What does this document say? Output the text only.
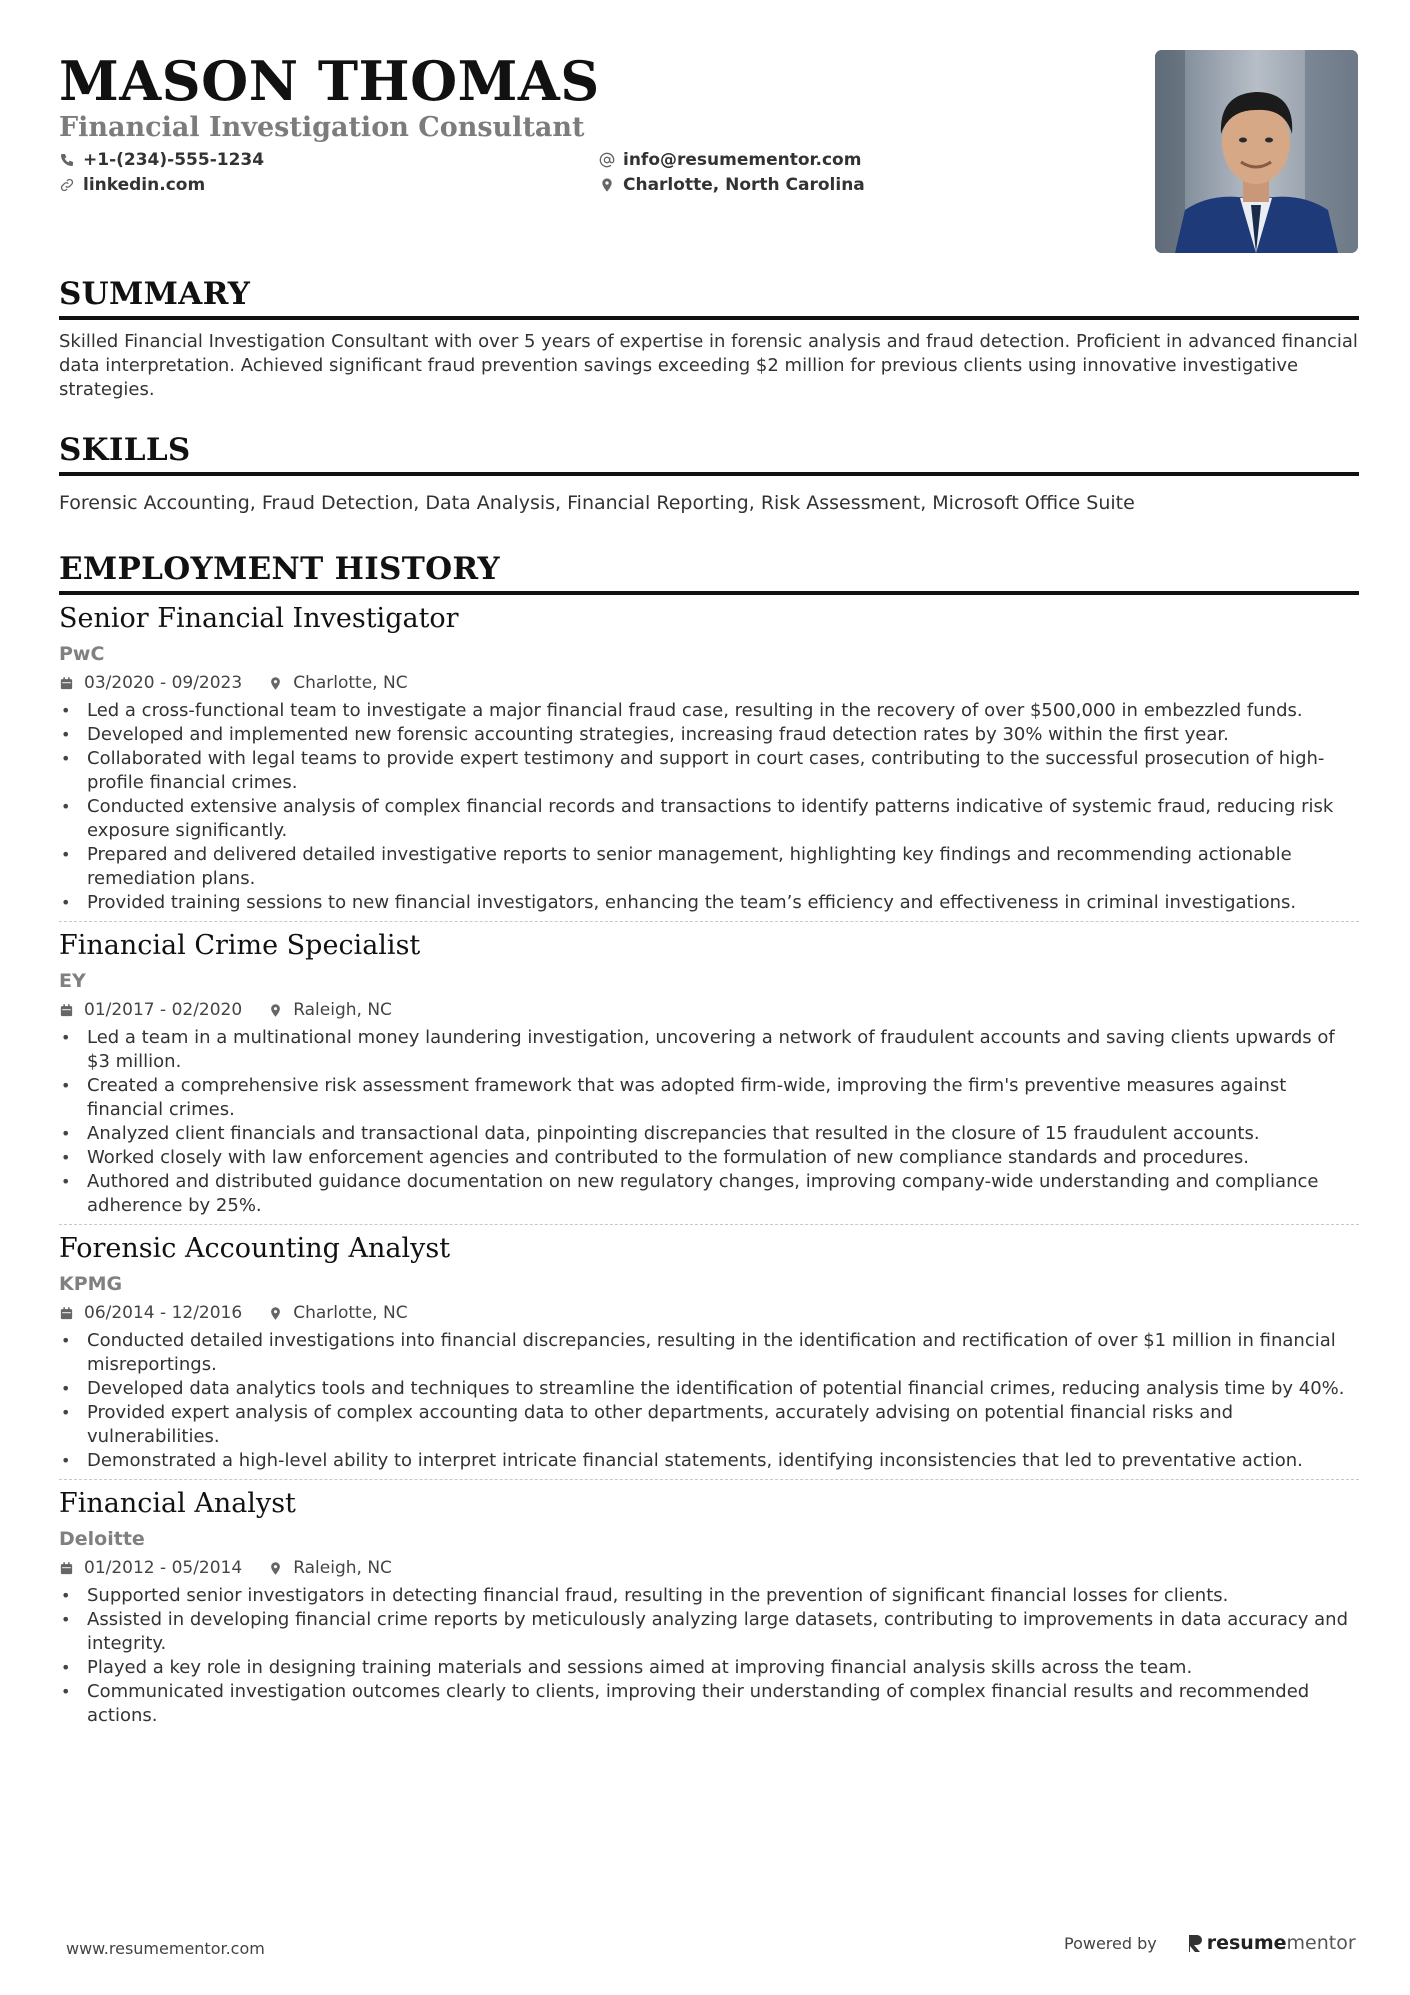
MASON THOMAS
Financial Investigation Consultant
+1-(234)-555-1234
linkedin.com
info@resumementor.com
Charlotte, North Carolina
SUMMARY
Skilled Financial Investigation Consultant with over 5 years of expertise in forensic analysis and fraud detection. Proficient in advanced financial data interpretation. Achieved significant fraud prevention savings exceeding $2 million for previous clients using innovative investigative strategies.
SKILLS
Forensic Accounting, Fraud Detection, Data Analysis, Financial Reporting, Risk Assessment, Microsoft Office Suite
EMPLOYMENT HISTORY
Senior Financial Investigator
PwC
03/2020 - 09/2023	Charlotte, NC
• Led a cross-functional team to investigate a major financial fraud case, resulting in the recovery of over $500,000 in embezzled funds.
• Developed and implemented new forensic accounting strategies, increasing fraud detection rates by 30% within the first year.
• Collaborated with legal teams to provide expert testimony and support in court cases, contributing to the successful prosecution of high-profile financial crimes.
• Conducted extensive analysis of complex financial records and transactions to identify patterns indicative of systemic fraud, reducing risk exposure significantly.
• Prepared and delivered detailed investigative reports to senior management, highlighting key findings and recommending actionable remediation plans.
• Provided training sessions to new financial investigators, enhancing the team’s efficiency and effectiveness in criminal investigations.
Financial Crime Specialist
EY
01/2017 - 02/2020	Raleigh, NC
• Led a team in a multinational money laundering investigation, uncovering a network of fraudulent accounts and saving clients upwards of $3 million.
• Created a comprehensive risk assessment framework that was adopted firm-wide, improving the firm's preventive measures against financial crimes.
• Analyzed client financials and transactional data, pinpointing discrepancies that resulted in the closure of 15 fraudulent accounts.
• Worked closely with law enforcement agencies and contributed to the formulation of new compliance standards and procedures.
• Authored and distributed guidance documentation on new regulatory changes, improving company-wide understanding and compliance adherence by 25%.
Forensic Accounting Analyst
KPMG
06/2014 - 12/2016	Charlotte, NC
• Conducted detailed investigations into financial discrepancies, resulting in the identification and rectification of over $1 million in financial misreportings.
• Developed data analytics tools and techniques to streamline the identification of potential financial crimes, reducing analysis time by 40%.
• Provided expert analysis of complex accounting data to other departments, accurately advising on potential financial risks and vulnerabilities.
• Demonstrated a high-level ability to interpret intricate financial statements, identifying inconsistencies that led to preventative action.
Financial Analyst
Deloitte
01/2012 - 05/2014	Raleigh, NC
• Supported senior investigators in detecting financial fraud, resulting in the prevention of significant financial losses for clients.
• Assisted in developing financial crime reports by meticulously analyzing large datasets, contributing to improvements in data accuracy and integrity.
• Played a key role in designing training materials and sessions aimed at improving financial analysis skills across the team.
• Communicated investigation outcomes clearly to clients, improving their understanding of complex financial results and recommended actions.
www.resumementor.com	Powered by	resume mentor
